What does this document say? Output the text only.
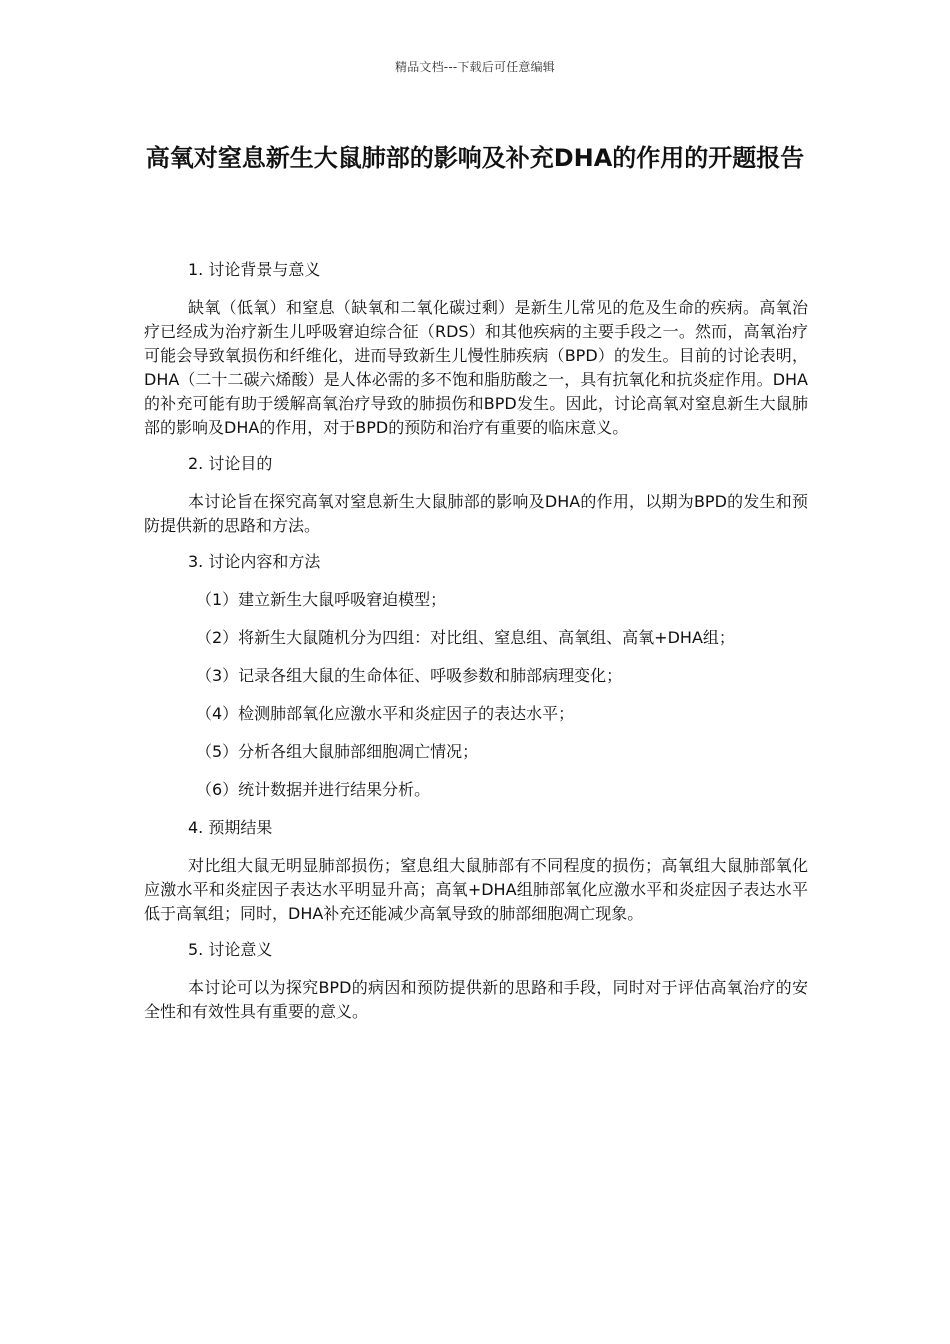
精品文档---下载后可任意编辑
高氧对窒息新生大鼠肺部的影响及补充DHA的作用的开题报告

1. 讨论背景与意义

缺氧（低氧）和窒息（缺氧和二氧化碳过剩）是新生儿常见的危及生命的疾病。高氧治疗已经成为治疗新生儿呼吸窘迫综合征（RDS）和其他疾病的主要手段之一。然而，高氧治疗可能会导致氧损伤和纤维化，进而导致新生儿慢性肺疾病（BPD）的发生。目前的讨论表明，DHA（二十二碳六烯酸）是人体必需的多不饱和脂肪酸之一，具有抗氧化和抗炎症作用。DHA的补充可能有助于缓解高氧治疗导致的肺损伤和BPD发生。因此，讨论高氧对窒息新生大鼠肺部的影响及DHA的作用，对于BPD的预防和治疗有重要的临床意义。

2. 讨论目的

本讨论旨在探究高氧对窒息新生大鼠肺部的影响及DHA的作用，以期为BPD的发生和预防提供新的思路和方法。

3. 讨论内容和方法

（1）建立新生大鼠呼吸窘迫模型；

（2）将新生大鼠随机分为四组：对比组、窒息组、高氧组、高氧+DHA组；

（3）记录各组大鼠的生命体征、呼吸参数和肺部病理变化；

（4）检测肺部氧化应激水平和炎症因子的表达水平；

（5）分析各组大鼠肺部细胞凋亡情况；

（6）统计数据并进行结果分析。

4. 预期结果

对比组大鼠无明显肺部损伤；窒息组大鼠肺部有不同程度的损伤；高氧组大鼠肺部氧化应激水平和炎症因子表达水平明显升高；高氧+DHA组肺部氧化应激水平和炎症因子表达水平低于高氧组；同时，DHA补充还能减少高氧导致的肺部细胞凋亡现象。

5. 讨论意义

本讨论可以为探究BPD的病因和预防提供新的思路和手段，同时对于评估高氧治疗的安全性和有效性具有重要的意义。
